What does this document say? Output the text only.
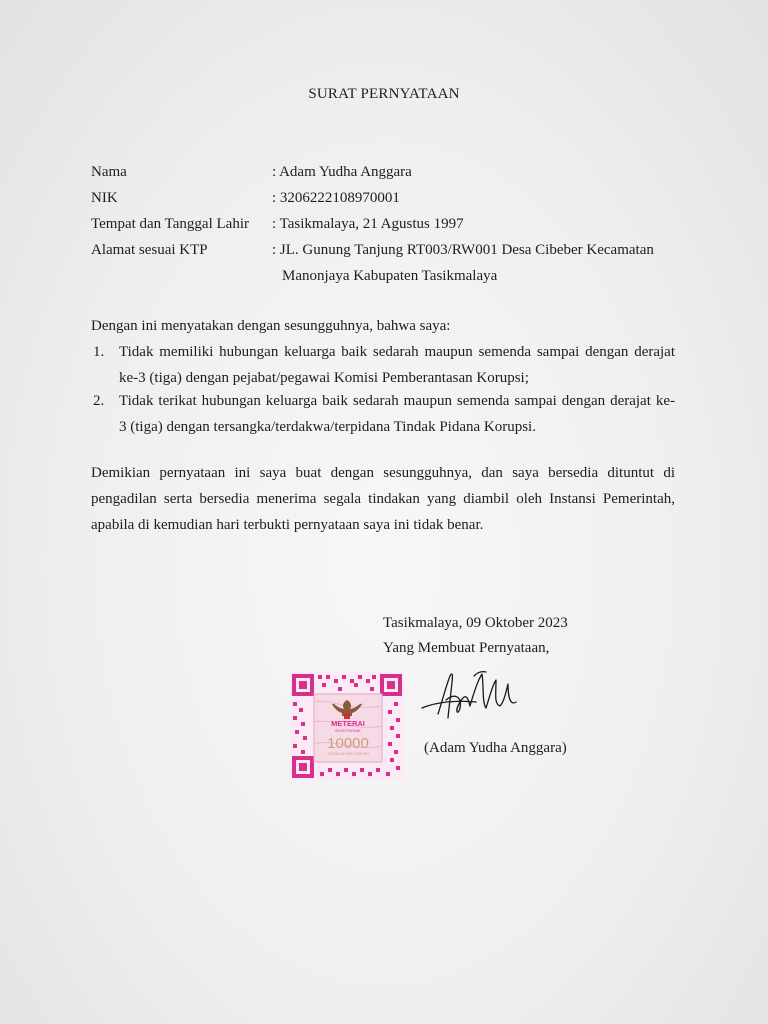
SURAT PERNYATAAN
Nama	: Adam Yudha Anggara
NIK	: 3206222108970001
Tempat dan Tanggal Lahir : Tasikmalaya, 21 Agustus 1997
Alamat sesuai KTP	: JL. Gunung Tanjung RT003/RW001 Desa Cibeber Kecamatan
Manonjaya Kabupaten Tasikmalaya
Dengan ini menyatakan dengan sesungguhnya, bahwa saya:
1. Tidak memiliki hubungan keluarga baik sedarah maupun semenda sampai dengan derajat
ke-3 (tiga) dengan pejabat/pegawai Komisi Pemberantasan Korupsi;
2. Tidak terikat hubungan keluarga baik sedarah maupun semenda sampai dengan derajat ke-
3 (tiga) dengan tersangka/terdakwa/terpidana Tindak Pidana Korupsi.
Demikian pernyataan ini saya buat dengan sesungguhnya, dan saya bersedia dituntut di
pengadilan serta bersedia menerima segala tindakan yang diambil oleh Instansi Pemerintah,
apabila di kemudian hari terbukti pernyataan saya ini tidak benar.
Tasikmalaya, 09 Oktober 2023
Yang Membuat Pernyataan,
(Adam Yudha Anggara)
METERAI
ELEKTRONIK
10000
SEPULUH RIBU RUPIAH
